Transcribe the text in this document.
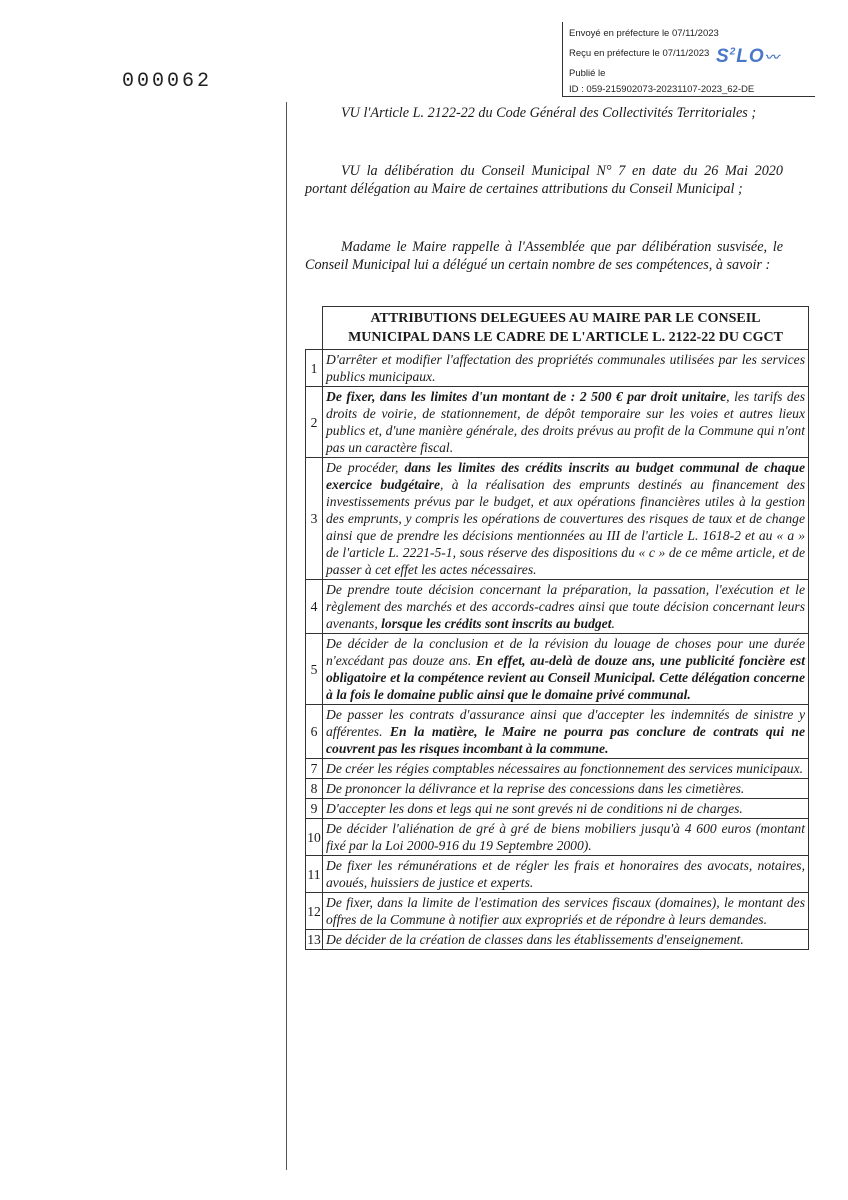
Envoyé en préfecture le 07/11/2023
Reçu en préfecture le 07/11/2023
Publié le
ID : 059-215902073-20231107-2023_62-DE
$S^2LO$〰
000062
VU l'Article L. 2122-22 du Code Général des Collectivités Territoriales ;
VU la délibération du Conseil Municipal N° 7 en date du 26 Mai 2020 portant délégation au Maire de certaines attributions du Conseil Municipal ;
Madame le Maire rappelle à l'Assemblée que par délibération susvisée, le Conseil Municipal lui a délégué un certain nombre de ses compétences, à savoir :
	ATTRIBUTIONS DELEGUEES AU MAIRE PAR LE CONSEIL MUNICIPAL DANS LE CADRE DE L'ARTICLE L. 2122-22 DU CGCT
1	D'arrêter et modifier l'affectation des propriétés communales utilisées par les services publics municipaux.
2	De fixer, dans les limites d'un montant de : 2 500 € par droit unitaire, les tarifs des droits de voirie, de stationnement, de dépôt temporaire sur les voies et autres lieux publics et, d'une manière générale, des droits prévus au profit de la Commune qui n'ont pas un caractère fiscal.
3	De procéder, dans les limites des crédits inscrits au budget communal de chaque exercice budgétaire, à la réalisation des emprunts destinés au financement des investissements prévus par le budget, et aux opérations financières utiles à la gestion des emprunts, y compris les opérations de couvertures des risques de taux et de change ainsi que de prendre les décisions mentionnées au III de l'article L. 1618-2 et au « a » de l'article L. 2221-5-1, sous réserve des dispositions du « c » de ce même article, et de passer à cet effet les actes nécessaires.
4	De prendre toute décision concernant la préparation, la passation, l'exécution et le règlement des marchés et des accords-cadres ainsi que toute décision concernant leurs avenants, lorsque les crédits sont inscrits au budget.
5	De décider de la conclusion et de la révision du louage de choses pour une durée n'excédant pas douze ans. En effet, au-delà de douze ans, une publicité foncière est obligatoire et la compétence revient au Conseil Municipal. Cette délégation concerne à la fois le domaine public ainsi que le domaine privé communal.
6	De passer les contrats d'assurance ainsi que d'accepter les indemnités de sinistre y afférentes. En la matière, le Maire ne pourra pas conclure de contrats qui ne couvrent pas les risques incombant à la commune.
7	De créer les régies comptables nécessaires au fonctionnement des services municipaux.
8	De prononcer la délivrance et la reprise des concessions dans les cimetières.
9	D'accepter les dons et legs qui ne sont grevés ni de conditions ni de charges.
10	De décider l'aliénation de gré à gré de biens mobiliers jusqu'à 4 600 euros (montant fixé par la Loi 2000-916 du 19 Septembre 2000).
11	De fixer les rémunérations et de régler les frais et honoraires des avocats, notaires, avoués, huissiers de justice et experts.
12	De fixer, dans la limite de l'estimation des services fiscaux (domaines), le montant des offres de la Commune à notifier aux expropriés et de répondre à leurs demandes.
13	De décider de la création de classes dans les établissements d'enseignement.
